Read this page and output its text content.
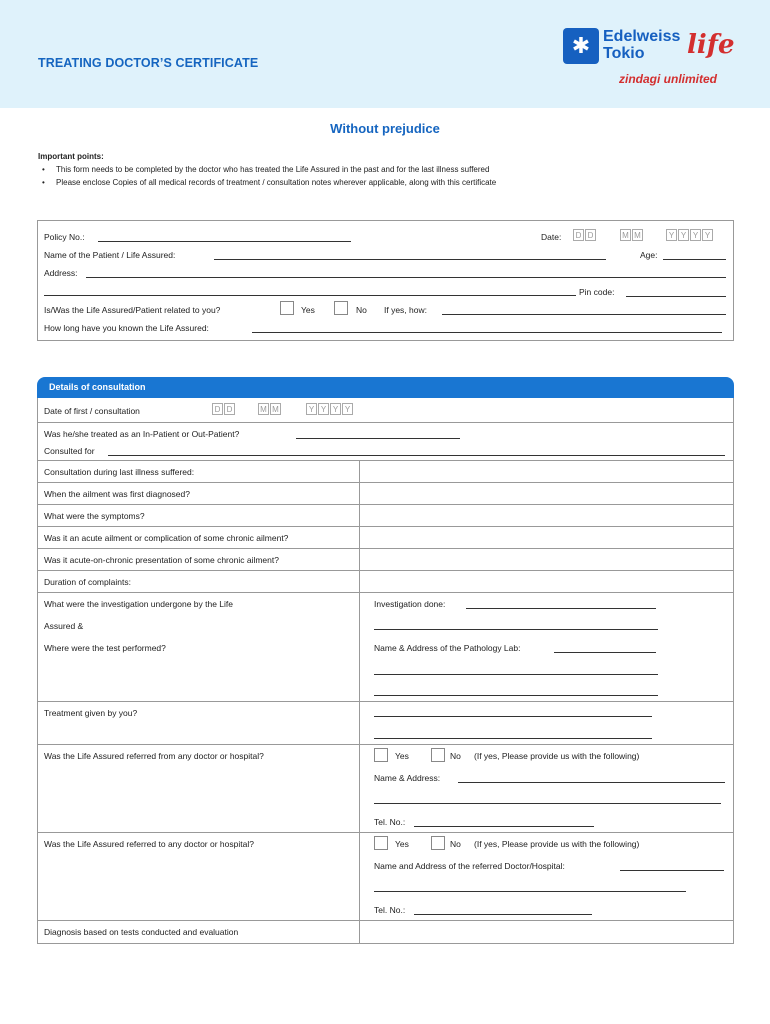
TREATING DOCTOR’S CERTIFICATE
✱ Edelweiss
Tokio	life
zindagi unlimited
Without prejudice
Important points:
• This form needs to be completed by the doctor who has treated the Life Assured in the past and for the last illness suffered
• Please enclose Copies of all medical records of treatment / consultation notes wherever applicable, along with this certificate
Policy No.:	Date:	D D	M M	Y Y Y Y
Name of the Patient / Life Assured:	Age:
Address:
Pin code:
Is/Was the Life Assured/Patient related to you?	Yes	No If yes, how:
How long have you known the Life Assured:
Details of consultation
Date of first / consultation	D D	M M	Y Y Y Y
Was he/she treated as an In-Patient or Out-Patient?
Consulted for
Consultation during last illness suffered:
When the ailment was first diagnosed?
What were the symptoms?
Was it an acute ailment or complication of some chronic ailment?
Was it acute-on-chronic presentation of some chronic ailment?
Duration of complaints:
What were the investigation undergone by the Life
Assured &
Where were the test performed?
Investigation done:
Name & Address of the Pathology Lab:
Treatment given by you?
Was the Life Assured referred from any doctor or hospital?	Yes	No (If yes, Please provide us with the following)
Name & Address:
Tel. No.:
Was the Life Assured referred to any doctor or hospital?	Yes	No (If yes, Please provide us with the following)
Name and Address of the referred Doctor/Hospital:
Tel. No.:
Diagnosis based on tests conducted and evaluation
